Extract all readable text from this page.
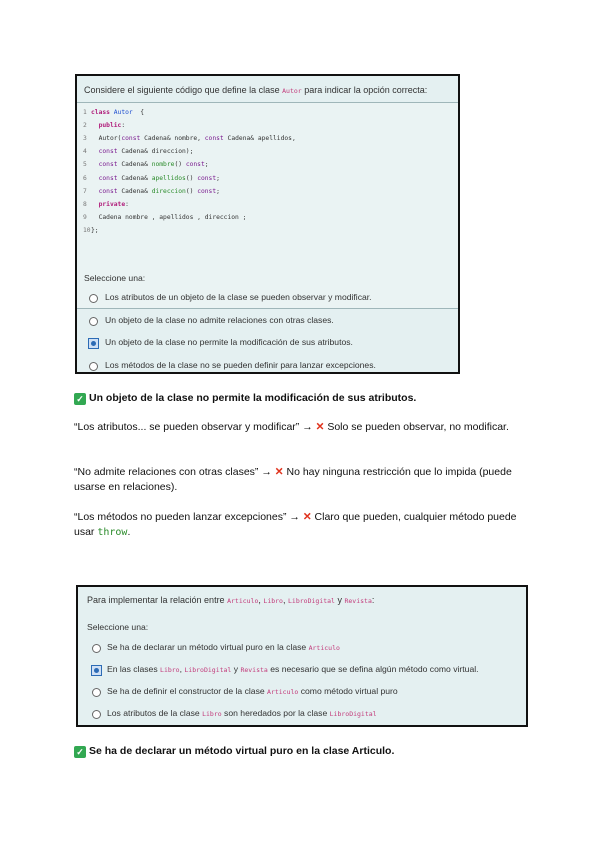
Considere el siguiente código que define la clase Autor para indicar la opción correcta:
1 class Autor  {
2  public:
3  Autor(const Cadena& nombre, const Cadena& apellidos,
4 const Cadena& direccion);
5 const Cadena& nombre() const;
6 const Cadena& apellidos() const;
7 const Cadena& direccion() const;
8  private:
9  Cadena nombre , apellidos , direccion ;
10};
Seleccione una:
Los atributos de un objeto de la clase se pueden observar y modificar.
Un objeto de la clase no admite relaciones con otras clases.
Un objeto de la clase no permite la modificación de sus atributos.
Los métodos de la clase no se pueden definir para lanzar excepciones.
✓ Un objeto de la clase no permite la modificación de sus atributos.
“Los atributos... se pueden observar y modificar” → ✕ Solo se pueden observar, no modificar.
“No admite relaciones con otras clases” → ✕ No hay ninguna restricción que lo impida (puede usarse en relaciones).
“Los métodos no pueden lanzar excepciones” → ✕ Claro que pueden, cualquier método puede usar throw.
Para implementar la relación entre Articulo, Libro, LibroDigital y Revista:
Seleccione una:
Se ha de declarar un método virtual puro en la clase Articulo
En las clases Libro, LibroDigital y Revista es necesario que se defina algún método como virtual.
Se ha de definir el constructor de la clase Articulo como método virtual puro
Los atributos de la clase Libro son heredados por la clase LibroDigital
✓ Se ha de declarar un método virtual puro en la clase Articulo.
